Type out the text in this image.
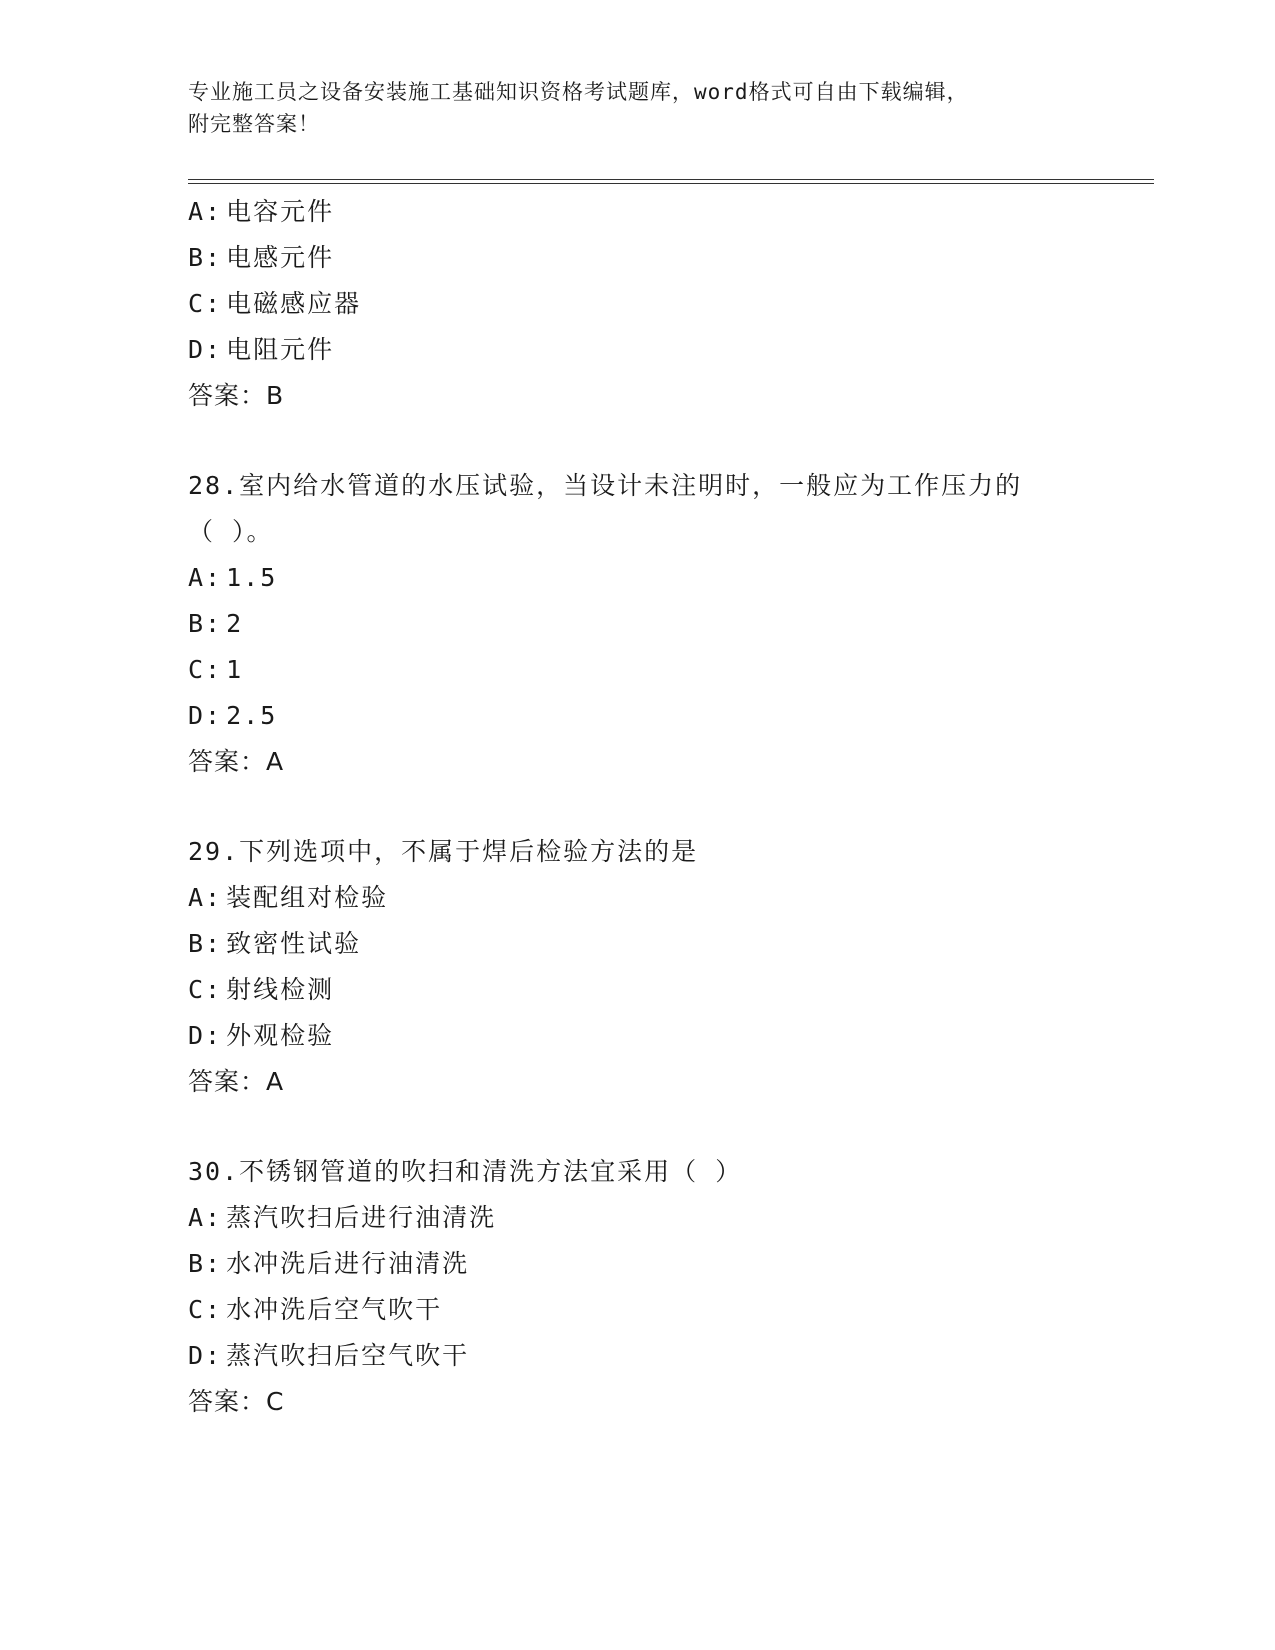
专业施工员之设备安装施工基础知识资格考试题库，word格式可自由下载编辑，
附完整答案！
A: 电容元件
B: 电感元件
C: 电磁感应器
D: 电阻元件
答案：B
28.室内给水管道的水压试验，当设计未注明时，一般应为工作压力的
（ ）。
A: 1.5
B: 2
C: 1
D: 2.5
答案：A
29.下列选项中，不属于焊后检验方法的是
A: 装配组对检验
B: 致密性试验
C: 射线检测
D: 外观检验
答案：A
30.不锈钢管道的吹扫和清洗方法宜采用（ ）
A: 蒸汽吹扫后进行油清洗
B: 水冲洗后进行油清洗
C: 水冲洗后空气吹干
D: 蒸汽吹扫后空气吹干
答案：C
